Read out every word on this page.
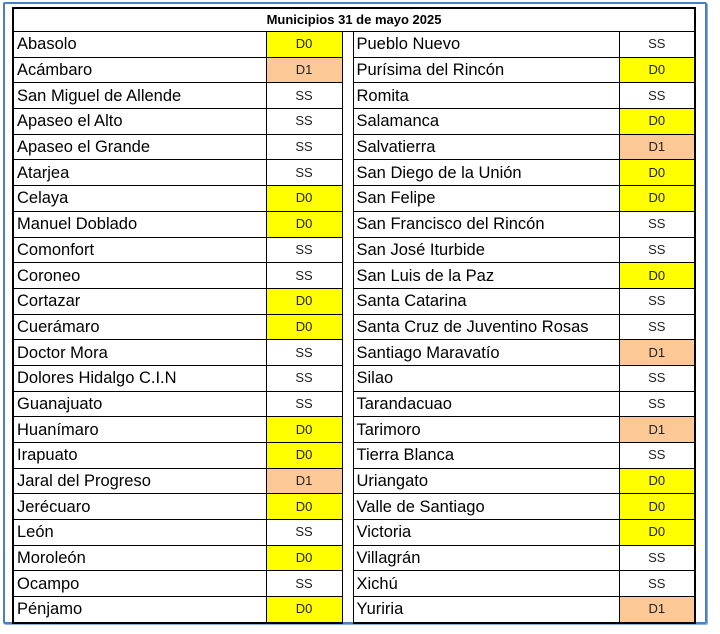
Municipios 31 de mayo 2025				
Abasolo	D0		Pueblo Nuevo	SS
Acámbaro	D1		Purísima del Rincón	D0
San Miguel de Allende	SS		Romita	SS
Apaseo el Alto	SS		Salamanca	D0
Apaseo el Grande	SS		Salvatierra	D1
Atarjea	SS		San Diego de la Unión	D0
Celaya	D0		San Felipe	D0
Manuel Doblado	D0		San Francisco del Rincón	SS
Comonfort	SS		San José Iturbide	SS
Coroneo	SS		San Luis de la Paz	D0
Cortazar	D0		Santa Catarina	SS
Cuerámaro	D0		Santa Cruz de Juventino Rosas	SS
Doctor Mora	SS		Santiago Maravatío	D1
Dolores Hidalgo C.I.N	SS		Silao	SS
Guanajuato	SS		Tarandacuao	SS
Huanímaro	D0		Tarimoro	D1
Irapuato	D0		Tierra Blanca	SS
Jaral del Progreso	D1		Uriangato	D0
Jerécuaro	D0		Valle de Santiago	D0
León	SS		Victoria	D0
Moroleón	D0		Villagrán	SS
Ocampo	SS		Xichú	SS
Pénjamo	D0		Yuriria	D1
